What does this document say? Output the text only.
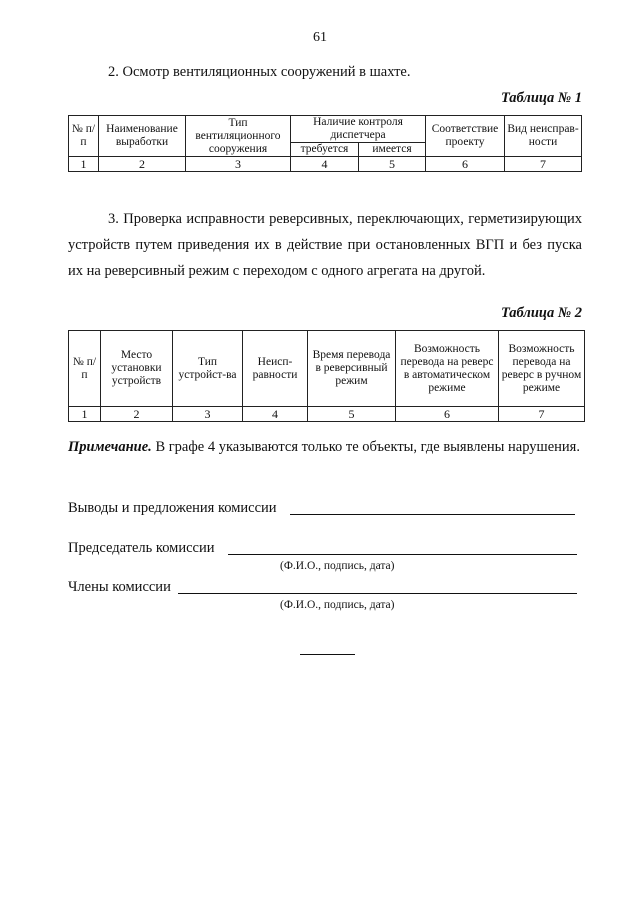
61
2. Осмотр вентиляционных сооружений в шахте.
Таблица № 1
№ п/п	Наименование выработки	Тип вентиляционного сооружения	Наличие контроля диспетчера		Соответствие проекту	Вид неисправ-ности
			требуется	имеется		
1	2	3	4	5	6	7
3. Проверка исправности реверсивных, переключающих, герметизирующих устройств путем приведения их в действие при остановленных ВГП и без пуска их на реверсивный режим с переходом с одного агрегата на другой.
Таблица № 2
№ п/п	Место установки устройств	Тип устройст-ва	Неисп-равности	Время перевода в реверсивный режим	Возможность перевода на реверс в автоматическом режиме	Возможность перевода на реверс в ручном режиме
1	2	3	4	5	6	7
Примечание. В графе 4 указываются только те объекты, где выявлены нарушения.
Выводы и предложения комиссии
Председатель комиссии
(Ф.И.О., подпись, дата)
Члены комиссии
(Ф.И.О., подпись, дата)
